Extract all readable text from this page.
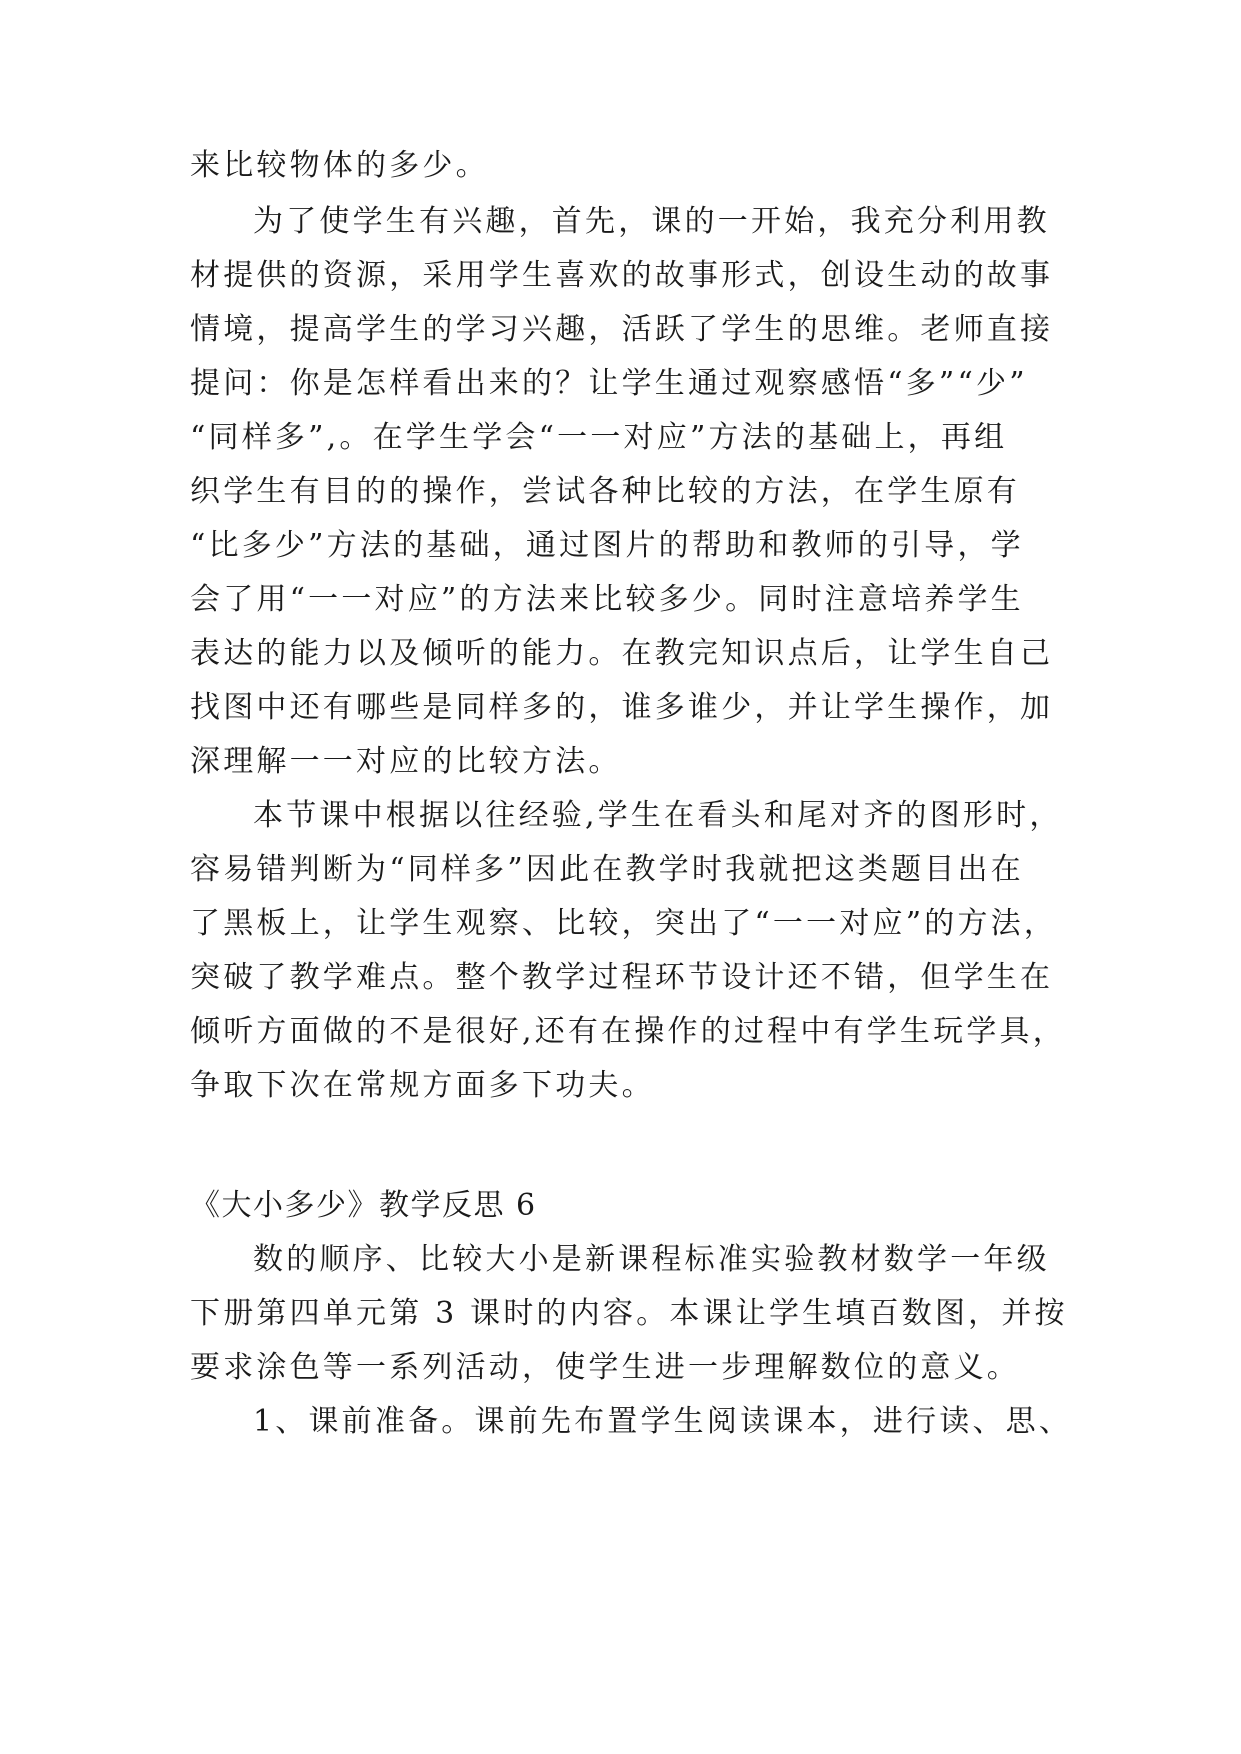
来比较物体的多少。
为了使学生有兴趣，首先，课的一开始，我充分利用教
材提供的资源，采用学生喜欢的故事形式，创设生动的故事
情境，提高学生的学习兴趣，活跃了学生的思维。老师直接
提问：你是怎样看出来的？让学生通过观察感悟“多”“少”
“同样多”,。在学生学会“一一对应”方法的基础上，再组
织学生有目的的操作，尝试各种比较的方法，在学生原有
“比多少”方法的基础，通过图片的帮助和教师的引导，学
会了用“一一对应”的方法来比较多少。同时注意培养学生
表达的能力以及倾听的能力。在教完知识点后，让学生自己
找图中还有哪些是同样多的，谁多谁少，并让学生操作，加
深理解一一对应的比较方法。
本节课中根据以往经验,学生在看头和尾对齐的图形时，
容易错判断为“同样多”因此在教学时我就把这类题目出在
了黑板上，让学生观察、比较，突出了“一一对应”的方法，
突破了教学难点。整个教学过程环节设计还不错，但学生在
倾听方面做的不是很好,还有在操作的过程中有学生玩学具，
争取下次在常规方面多下功夫。
《大小多少》教学反思 6
数的顺序、比较大小是新课程标准实验教材数学一年级
下册第四单元第 3 课时的内容。本课让学生填百数图，并按
要求涂色等一系列活动，使学生进一步理解数位的意义。
1、课前准备。课前先布置学生阅读课本，进行读、思、
